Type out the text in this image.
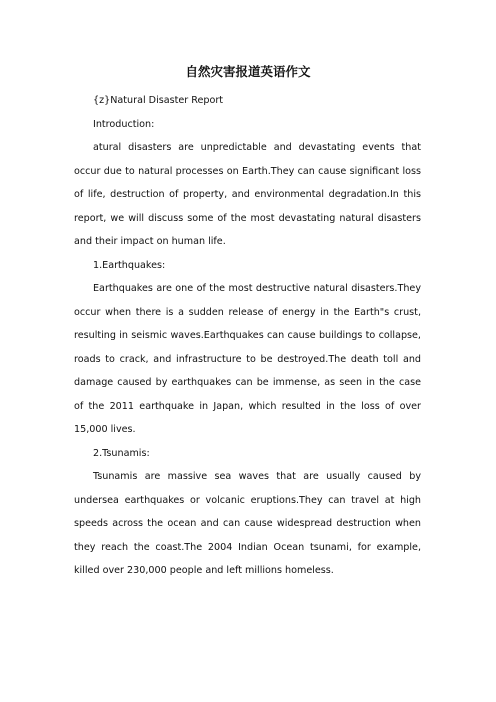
自然灾害报道英语作文

{z}Natural Disaster Report

Introduction:

atural disasters are unpredictable and devastating events that occur due to natural processes on Earth.They can cause significant loss of life, destruction of property, and environmental degradation.In this report, we will discuss some of the most devastating natural disasters and their impact on human life.

1.Earthquakes:

Earthquakes are one of the most destructive natural disasters.They occur when there is a sudden release of energy in the Earth"s crust, resulting in seismic waves.Earthquakes can cause buildings to collapse, roads to crack, and infrastructure to be destroyed.The death toll and damage caused by earthquakes can be immense, as seen in the case of the 2011 earthquake in Japan, which resulted in the loss of over 15,000 lives.

2.Tsunamis:

Tsunamis are massive sea waves that are usually caused by undersea earthquakes or volcanic eruptions.They can travel at high speeds across the ocean and can cause widespread destruction when they reach the coast.The 2004 Indian Ocean tsunami, for example, killed over 230,000 people and left millions homeless.
